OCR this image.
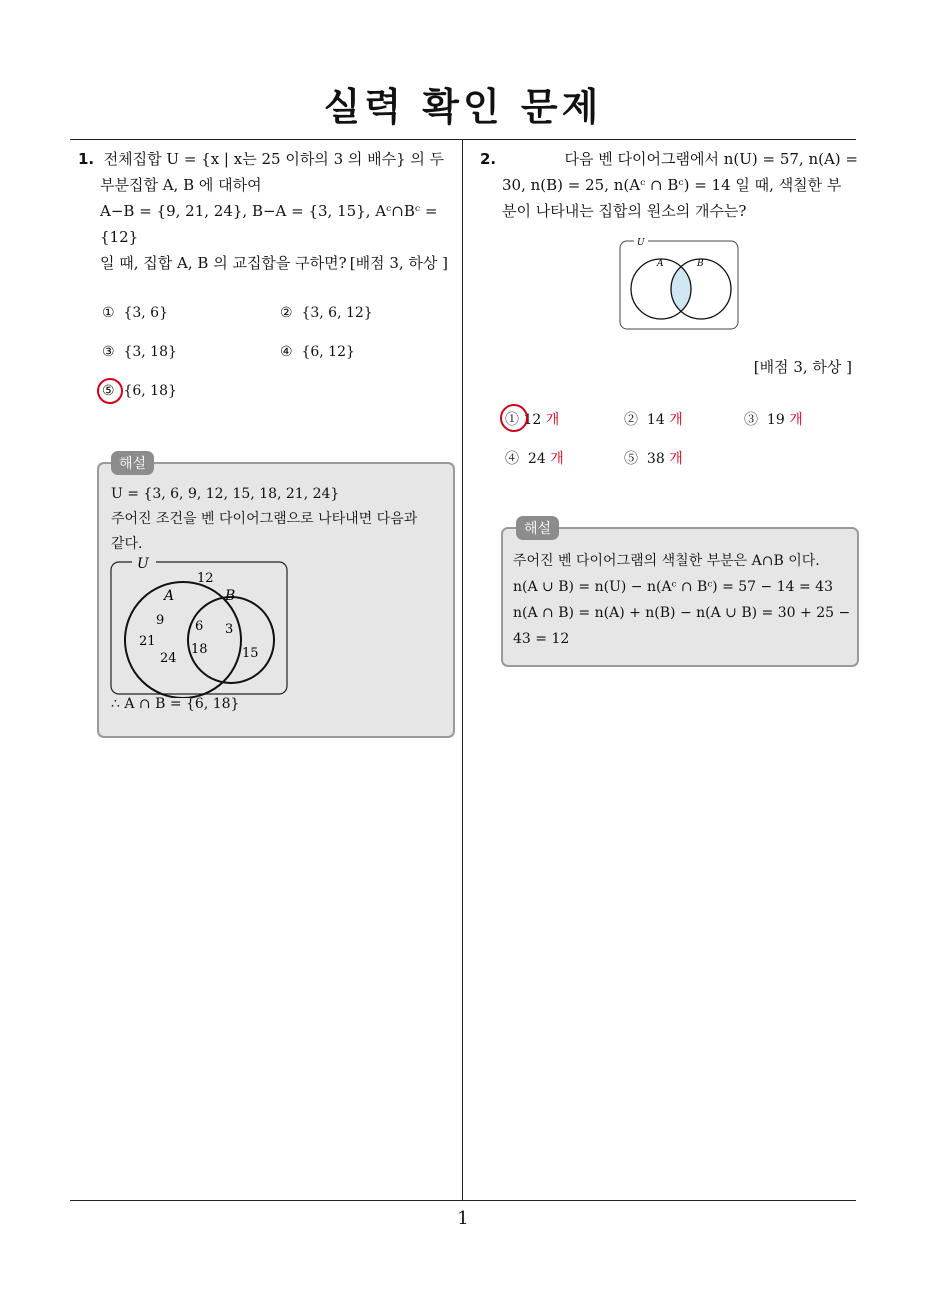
실력 확인 문제
1
1. 전체집합 U = {x | x는 25 이하의 3 의 배수} 의 두
부분집합 A, B 에 대하여
A−B = {9, 21, 24}, B−A = {3, 15}, Aᶜ∩Bᶜ = {12}
일 때, 집합 A, B 의 교집합을 구하면? [배점 3, 하상 ]
① {3, 6}	② {3, 6, 12}
③ {3, 18}	④ {6, 12}
⑤ {6, 18}
해설
U = {3, 6, 9, 12, 15, 18, 21, 24}
주어진 조건을 벤 다이어그램으로 나타내면 다음과
같다.
U
A	B
12
9
21
24
6
18
3
15
∴ A ∩ B = {6, 18}
2.	다음 벤 다이어그램에서 n(U) = 57, n(A) =
30, n(B) = 25, n(Aᶜ ∩ Bᶜ) = 14 일 때, 색칠한 부
분이 나타내는 집합의 원소의 개수는?
U
A	B
[배점 3, 하상 ]
① 12 개	② 14 개	③ 19 개
④ 24 개	⑤ 38 개
해설
주어진 벤 다이어그램의 색칠한 부분은 A∩B 이다.
n(A ∪ B) = n(U) − n(Aᶜ ∩ Bᶜ) = 57 − 14 = 43
n(A ∩ B) = n(A) + n(B) − n(A ∪ B) = 30 + 25 −
43 = 12
